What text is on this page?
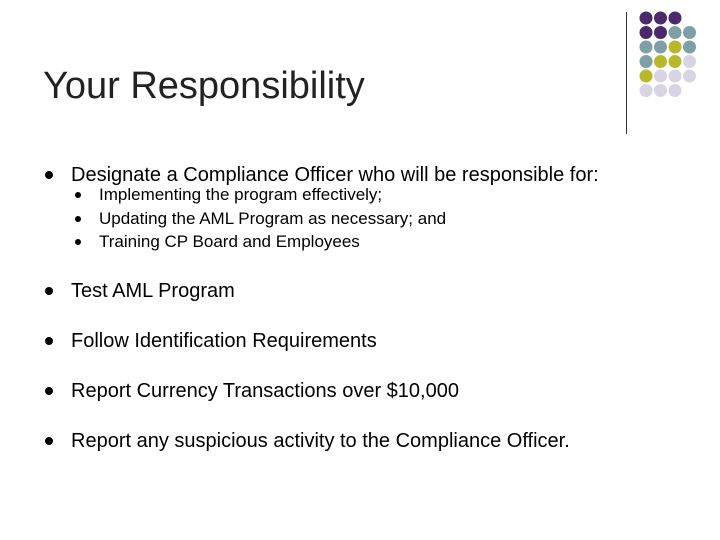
Your Responsibility
Designate a Compliance Officer who will be responsible for:
Implementing the program effectively;
Updating the AML Program as necessary; and
Training CP Board and Employees
Test AML Program
Follow Identification Requirements
Report Currency Transactions over $10,000
Report any suspicious activity to the Compliance Officer.
